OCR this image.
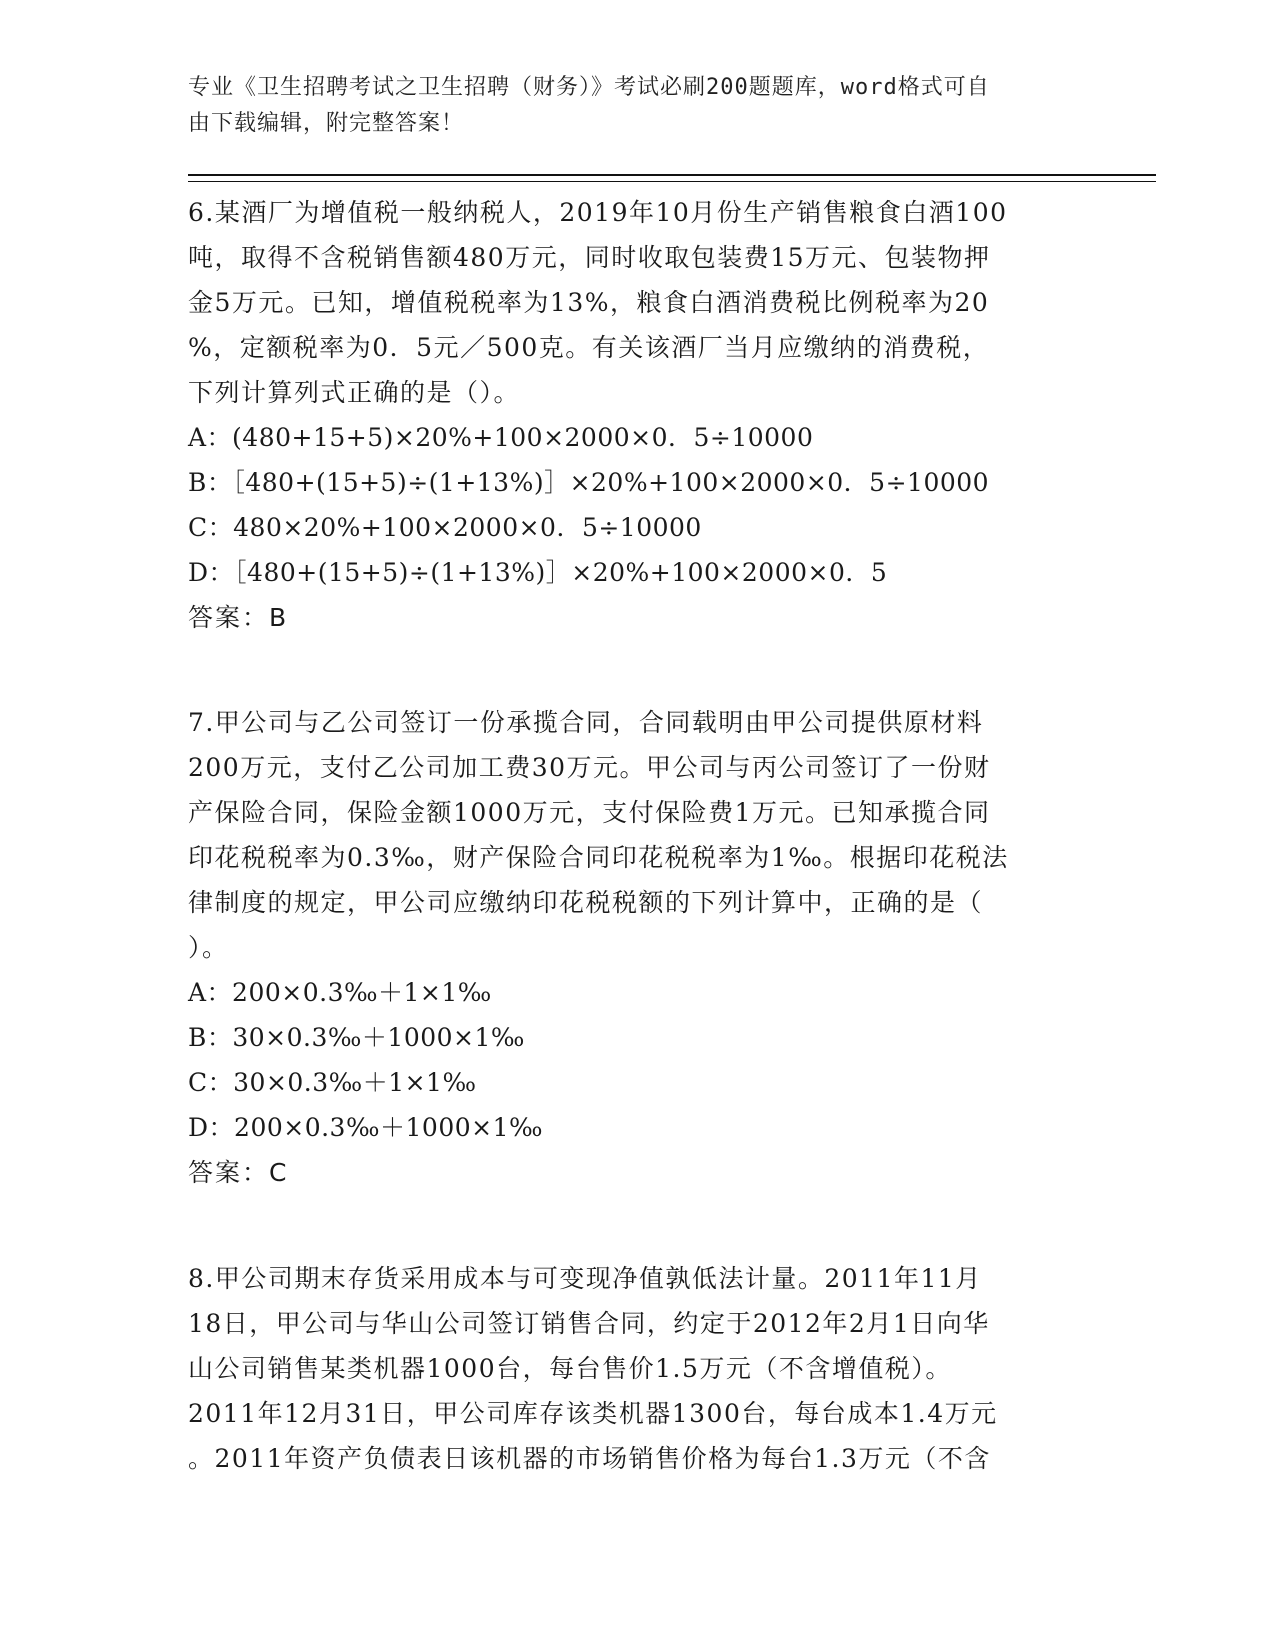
专业《卫生招聘考试之卫生招聘（财务）》考试必刷200题题库，word格式可自
由下载编辑，附完整答案！
6.某酒厂为增值税一般纳税人，2019年10月份生产销售粮食白酒100
吨，取得不含税销售额480万元，同时收取包装费15万元、包装物押
金5万元。已知，增值税税率为13%，粮食白酒消费税比例税率为20
%，定额税率为0．5元／500克。有关该酒厂当月应缴纳的消费税，
下列计算列式正确的是（）。
A：(480+15+5)×20%+100×2000×0．5÷10000
B：［480+(15+5)÷(1+13%)］×20%+100×2000×0．5÷10000
C：480×20%+100×2000×0．5÷10000
D：［480+(15+5)÷(1+13%)］×20%+100×2000×0．5
答案：B
7.甲公司与乙公司签订一份承揽合同，合同载明由甲公司提供原材料
200万元，支付乙公司加工费30万元。甲公司与丙公司签订了一份财
产保险合同，保险金额1000万元，支付保险费1万元。已知承揽合同
印花税税率为0.3‰，财产保险合同印花税税率为1‰。根据印花税法
律制度的规定，甲公司应缴纳印花税税额的下列计算中，正确的是（
）。
A：200×0.3‰＋1×1‰
B：30×0.3‰＋1000×1‰
C：30×0.3‰＋1×1‰
D：200×0.3‰＋1000×1‰
答案：C
8.甲公司期末存货采用成本与可变现净值孰低法计量。2011年11月
18日，甲公司与华山公司签订销售合同，约定于2012年2月1日向华
山公司销售某类机器1000台，每台售价1.5万元（不含增值税）。
2011年12月31日，甲公司库存该类机器1300台，每台成本1.4万元
。2011年资产负债表日该机器的市场销售价格为每台1.3万元（不含
